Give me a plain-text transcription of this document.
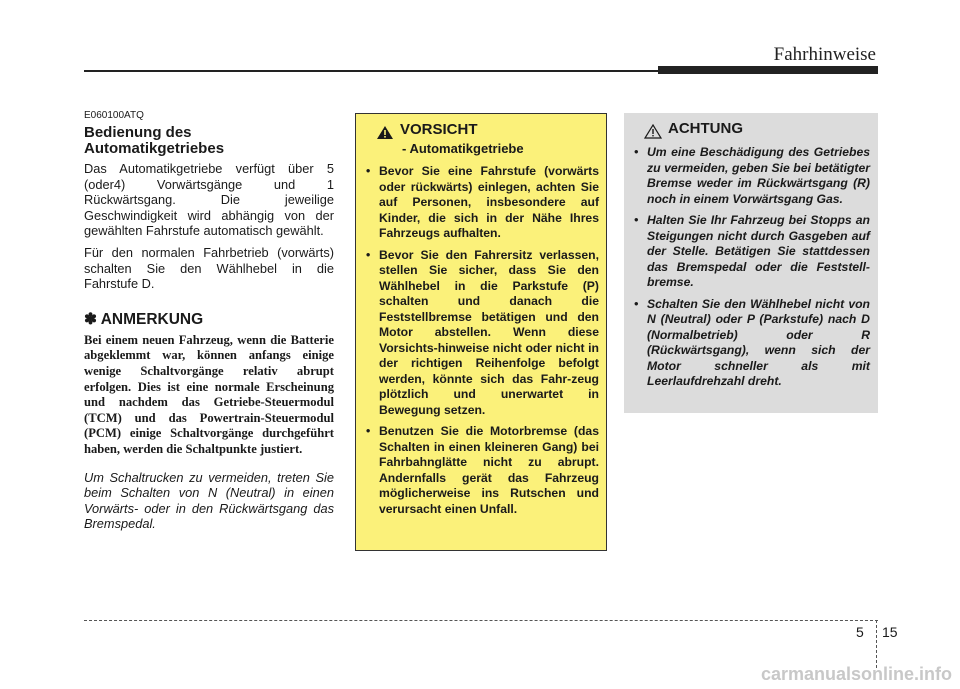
Fahrhinweise
E060100ATQ
Bedienung des Automatikgetriebes

Das Automatikgetriebe verfügt über 5 (oder4) Vorwärtsgänge und 1 Rückwärtsgang. Die jeweilige Geschwindigkeit wird abhängig von der gewählten Fahrstufe automatisch gewählt.

Für den normalen Fahrbetrieb (vorwärts) schalten Sie den Wählhebel in die Fahrstufe D.

✽ ANMERKUNG

Bei einem neuen Fahrzeug, wenn die Batterie abgeklemmt war, können anfangs einige wenige Schaltvorgänge relativ abrupt erfolgen. Dies ist eine normale Erscheinung und nachdem das Getriebe-Steuermodul (TCM) und das Powertrain-Steuermodul (PCM) einige Schaltvorgänge durchgeführt haben, werden die Schaltpunkte justiert.

Um Schaltrucken zu vermeiden, treten Sie beim Schalten von N (Neutral) in einen Vorwärts- oder in den Rückwärtsgang das Bremspedal.

VORSICHT
- Automatikgetriebe
• Bevor Sie eine Fahrstufe (vorwärts oder rückwärts) einlegen, achten Sie auf Personen, insbesondere auf Kinder, die sich in der Nähe Ihres Fahrzeugs aufhalten.
• Bevor Sie den Fahrersitz verlassen, stellen Sie sicher, dass Sie den Wählhebel in die Parkstufe (P) schalten und danach die Feststellbremse betätigen und den Motor abstellen. Wenn diese Vorsichts-hinweise nicht oder nicht in der richtigen Reihenfolge befolgt werden, könnte sich das Fahr-zeug plötzlich und unerwartet in Bewegung setzen.
• Benutzen Sie die Motorbremse (das Schalten in einen kleineren Gang) bei Fahrbahnglätte nicht zu abrupt. Andernfalls gerät das Fahrzeug möglicherweise ins Rutschen und verursacht einen Unfall.
ACHTUNG
• Um eine Beschädigung des Getriebes zu vermeiden, geben Sie bei betätigter Bremse weder im Rückwärtsgang (R) noch in einem Vorwärtsgang Gas.
• Halten Sie Ihr Fahrzeug bei Stopps an Steigungen nicht durch Gasgeben auf der Stelle. Betätigen Sie stattdessen das Bremspedal oder die Feststell-bremse.
• Schalten Sie den Wählhebel nicht von N (Neutral) oder P (Parkstufe) nach D (Normalbetrieb) oder R (Rückwärtsgang), wenn sich der Motor schneller als mit Leerlaufdrehzahl dreht.
5 15
carmanualsonline.info
